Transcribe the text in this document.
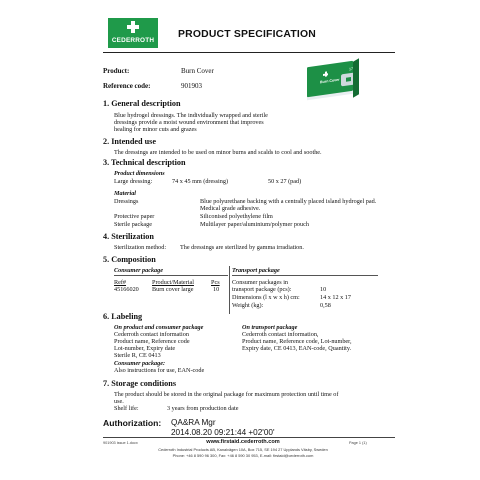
CEDERROTH
PRODUCT SPECIFICATION
Product:	Burn Cover
Reference code:	901903
Burn Cover
17
1. General description
Blue hydrogel dressings. The individually wrapped and sterile
dressings provide a moist wound environment that improves
healing for minor cuts and grazes
2. Intended use
The dressings are intended to be used on minor burns and scalds to cool and soothe.
3. Technical description
Product dimensions
Large dressing:	74 x 45 mm (dressing)	50 x 27 (pad)
Material
Dressings	Blue polyurethane backing with a centrally placed island hydrogel pad.
Medical grade adhesive.
Protective paper	Siliconised polyethylene film
Sterile package	Multilayer paper/aluminium/polymer pouch
4. Sterilization
Sterilization method: The dressings are sterilized by gamma irradiation.
5. Composition
Consumer package	Transport package
Ref#	Product/Material	Pcs
45166020 Burn cover large	10
Consumer packages in
transport package (pcs):	10
Dimensions (l x w x h) cm:	14 x 12 x 17
Weight (kg):	0,58
6. Labeling
On product and consumer package
Cederroth contact information
Product name, Reference code
Lot-number, Expiry date
Sterile R, CE 0413
Consumer package:
Also instructions for use, EAN-code
On transport package
Cederroth contact information,
Product name, Reference code, Lot-number,
Expiry date, CE 0413, EAN-code, Quantity.
7. Storage conditions
The product should be stored in the original package for maximum protection until time of
use.
Shelf life:	3 years from production date
Authorization: QA&RA Mgr
2014.08.20 09:21:44 +02'00'
901903 issue 1.docx	Page 1 (1)
www.firstaid.cederroth.com
Cederroth Industrial Products AB, Kanalvägen 10A, Box 715, SE 194 27 Upplands Väsby, Sweden
Phone: +46 8 590 96 300, Fax: +46 8 590 30 953, E-mail: firstaid@cederroth.com
